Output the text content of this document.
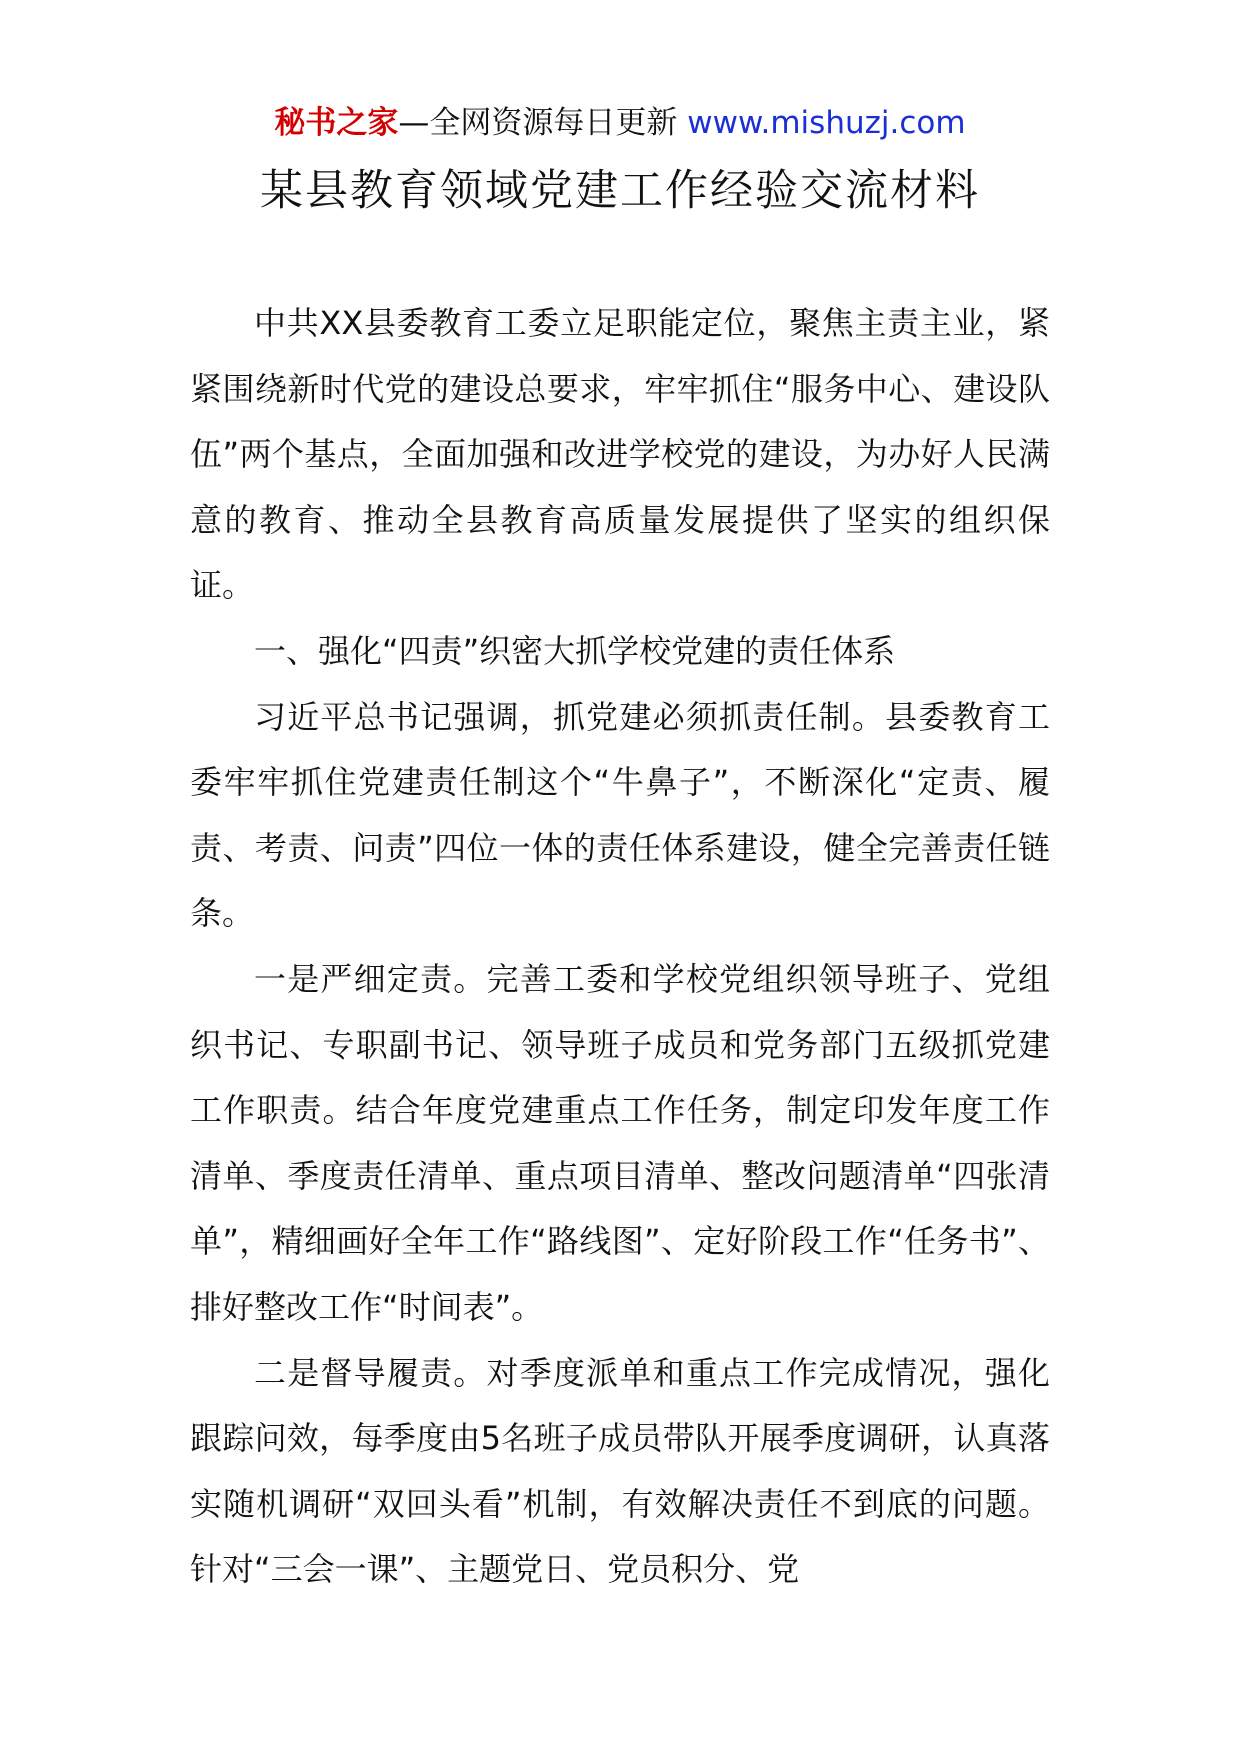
秘书之家—全网资源每日更新 www.mishuzj.com
某县教育领域党建工作经验交流材料

中共XX县委教育工委立足职能定位，聚焦主责主业，紧紧围绕新时代党的建设总要求，牢牢抓住“服务中心、建设队伍”两个基点，全面加强和改进学校党的建设，为办好人民满意的教育、推动全县教育高质量发展提供了坚实的组织保证。

一、强化“四责”织密大抓学校党建的责任体系

习近平总书记强调，抓党建必须抓责任制。县委教育工委牢牢抓住党建责任制这个“牛鼻子”，不断深化“定责、履责、考责、问责”四位一体的责任体系建设，健全完善责任链条。

一是严细定责。完善工委和学校党组织领导班子、党组织书记、专职副书记、领导班子成员和党务部门五级抓党建工作职责。结合年度党建重点工作任务，制定印发年度工作清单、季度责任清单、重点项目清单、整改问题清单“四张清单”，精细画好全年工作“路线图”、定好阶段工作“任务书”、排好整改工作“时间表”。

二是督导履责。对季度派单和重点工作完成情况，强化跟踪问效，每季度由5名班子成员带队开展季度调研，认真落实随机调研“双回头看”机制，有效解决责任不到底的问题。针对“三会一课”、主题党日、党员积分、党
